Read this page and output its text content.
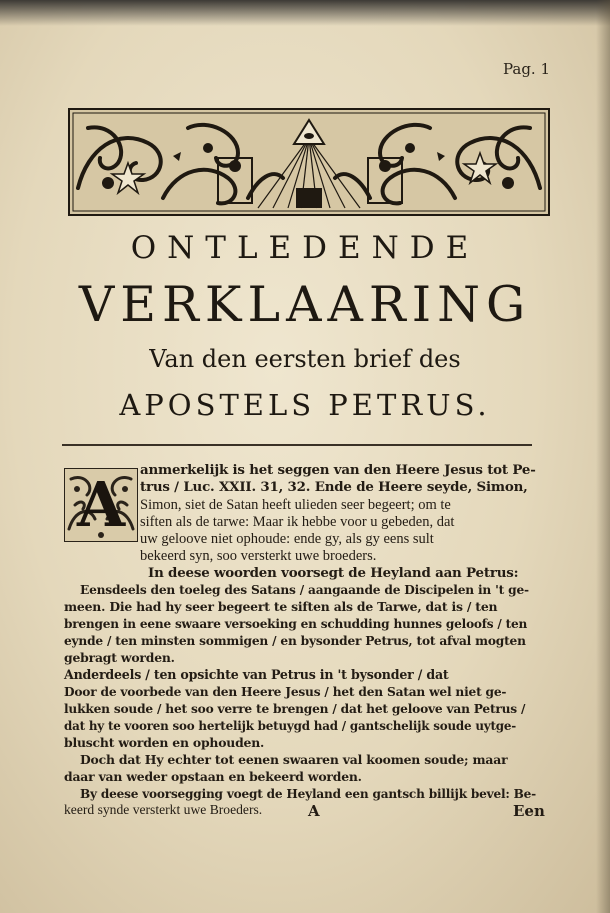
Pag. 1
ONTLEDENDE
VERKLAARING
Van den eersten brief des
APOSTELS PETRUS.
A	anmerkelijk is het seggen van den Heere Jesus tot Pe-
trus / Luc. XXII. 31, 32. Ende de Heere seyde, Simon,
Simon, siet de Satan heeft ulieden seer begeert; om te
siften als de tarwe: Maar ik hebbe voor u gebeden, dat
uw geloove niet ophoude: ende gy, als gy eens sult
bekeerd syn, soo versterkt uwe broeders.
In deese woorden voorsegt de Heyland aan Petrus:
Eensdeels den toeleg des Satans / aangaande de Discipelen in 't ge-
meen. Die had hy seer begeert te siften als de Tarwe, dat is / ten
brengen in eene swaare versoeking en schudding hunnes geloofs / ten
eynde / ten minsten sommigen / en bysonder Petrus, tot afval mogten
gebragt worden.
Anderdeels / ten opsichte van Petrus in 't bysonder / dat
Door de voorbede van den Heere Jesus / het den Satan wel niet ge-
lukken soude / het soo verre te brengen / dat het geloove van Petrus /
dat hy te vooren soo hertelijk betuygd had / gantschelijk soude uytge-
bluscht worden en ophouden.
Doch dat Hy echter tot eenen swaaren val koomen soude; maar
daar van weder opstaan en bekeerd worden.
By deese voorsegging voegt de Heyland een gantsch billijk bevel: Be-
keerd synde versterkt uwe Broeders.	A	Een
